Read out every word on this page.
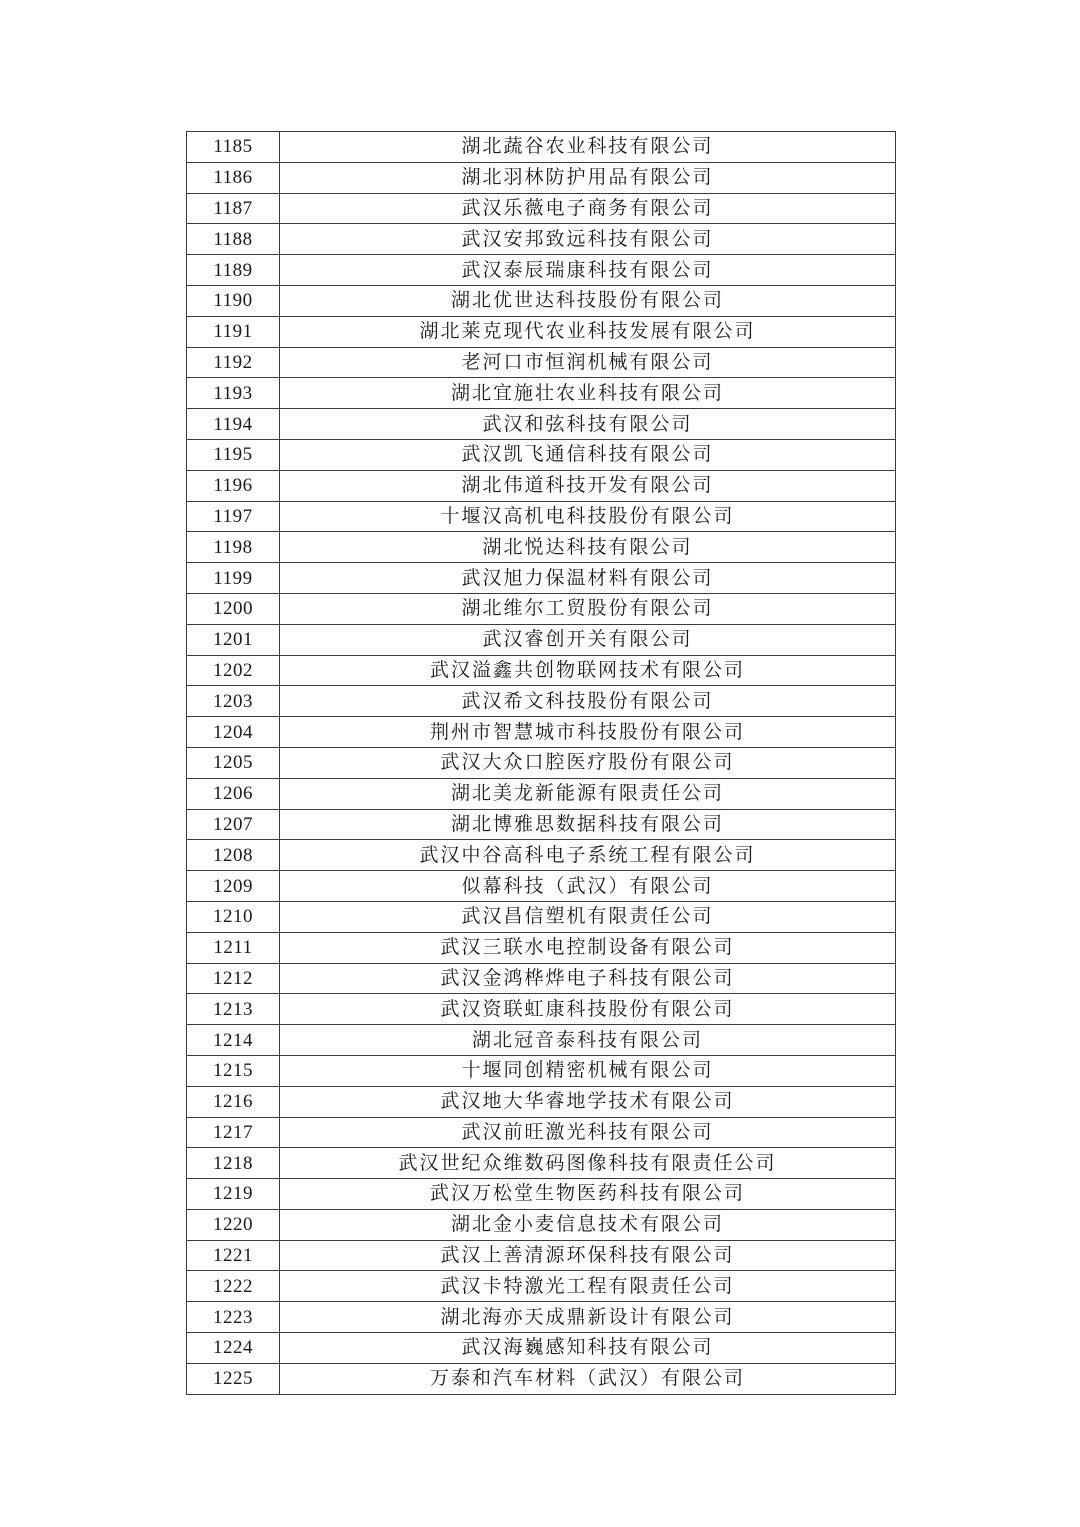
1185	湖北蔬谷农业科技有限公司
1186	湖北羽林防护用品有限公司
1187	武汉乐薇电子商务有限公司
1188	武汉安邦致远科技有限公司
1189	武汉泰辰瑞康科技有限公司
1190	湖北优世达科技股份有限公司
1191	湖北莱克现代农业科技发展有限公司
1192	老河口市恒润机械有限公司
1193	湖北宜施壮农业科技有限公司
1194	武汉和弦科技有限公司
1195	武汉凯飞通信科技有限公司
1196	湖北伟道科技开发有限公司
1197	十堰汉高机电科技股份有限公司
1198	湖北悦达科技有限公司
1199	武汉旭力保温材料有限公司
1200	湖北维尔工贸股份有限公司
1201	武汉睿创开关有限公司
1202	武汉溢鑫共创物联网技术有限公司
1203	武汉希文科技股份有限公司
1204	荆州市智慧城市科技股份有限公司
1205	武汉大众口腔医疗股份有限公司
1206	湖北美龙新能源有限责任公司
1207	湖北博雅思数据科技有限公司
1208	武汉中谷高科电子系统工程有限公司
1209	似幕科技（武汉）有限公司
1210	武汉昌信塑机有限责任公司
1211	武汉三联水电控制设备有限公司
1212	武汉金鸿桦烨电子科技有限公司
1213	武汉资联虹康科技股份有限公司
1214	湖北冠音泰科技有限公司
1215	十堰同创精密机械有限公司
1216	武汉地大华睿地学技术有限公司
1217	武汉前旺激光科技有限公司
1218	武汉世纪众维数码图像科技有限责任公司
1219	武汉万松堂生物医药科技有限公司
1220	湖北金小麦信息技术有限公司
1221	武汉上善清源环保科技有限公司
1222	武汉卡特激光工程有限责任公司
1223	湖北海亦天成鼎新设计有限公司
1224	武汉海巍感知科技有限公司
1225	万泰和汽车材料（武汉）有限公司
